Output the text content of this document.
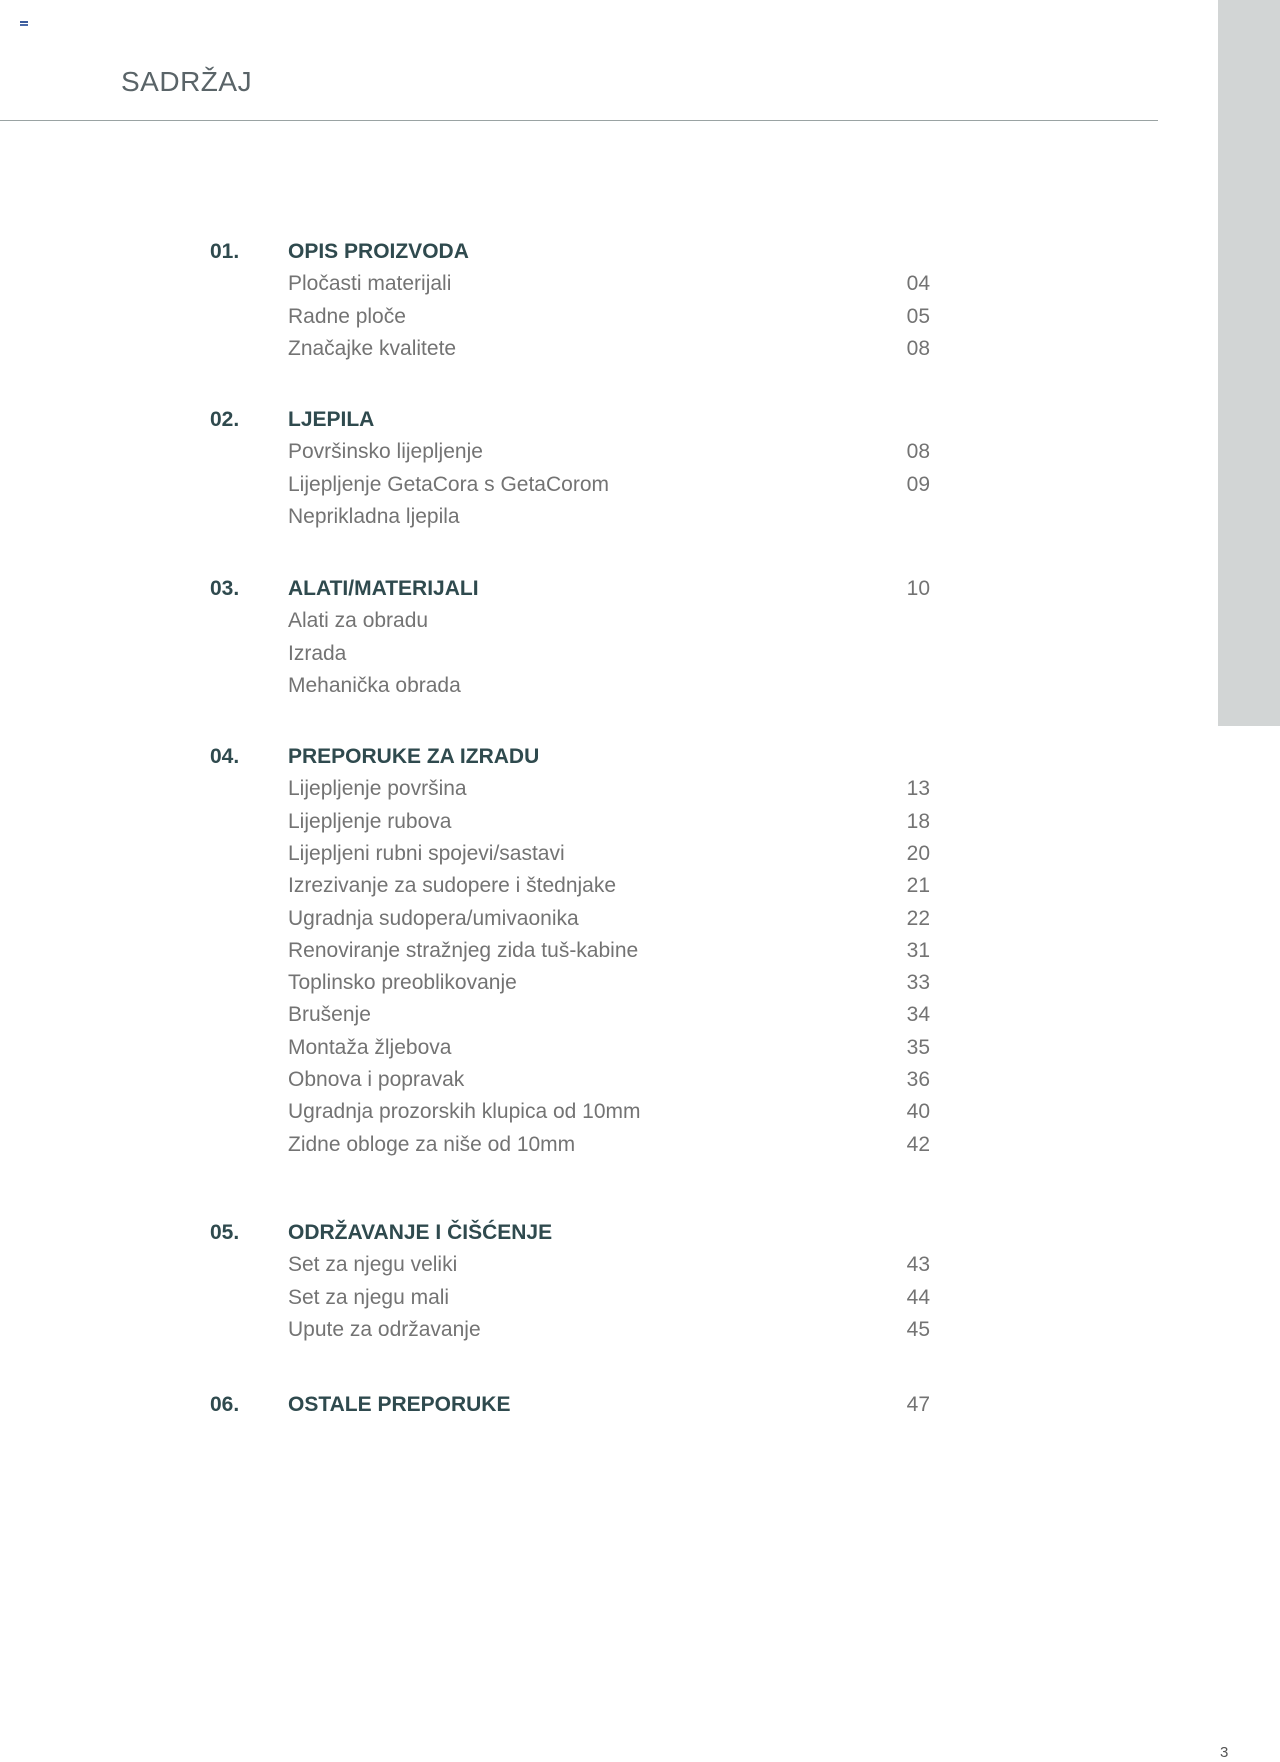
SADRŽAJ
01. OPIS PROIZVODA
Pločasti materijali	04
Radne ploče	05
Značajke kvalitete	08
02. LJEPILA
Površinsko lijepljenje	08
Lijepljenje GetaCora s GetaCorom	09
Neprikladna ljepila
03. ALATI/MATERIJALI	10
Alati za obradu
Izrada
Mehanička obrada
04. PREPORUKE ZA IZRADU
Lijepljenje površina	13
Lijepljenje rubova	18
Lijepljeni rubni spojevi/sastavi	20
Izrezivanje za sudopere i štednjake	21
Ugradnja sudopera/umivaonika	22
Renoviranje stražnjeg zida tuš-kabine	31
Toplinsko preoblikovanje	33
Brušenje	34
Montaža žljebova	35
Obnova i popravak	36
Ugradnja prozorskih klupica od 10mm	40
Zidne obloge za niše od 10mm	42
05. ODRŽAVANJE I ČIŠĆENJE
Set za njegu veliki	43
Set za njegu mali	44
Upute za održavanje	45
06. OSTALE PREPORUKE	47
3
